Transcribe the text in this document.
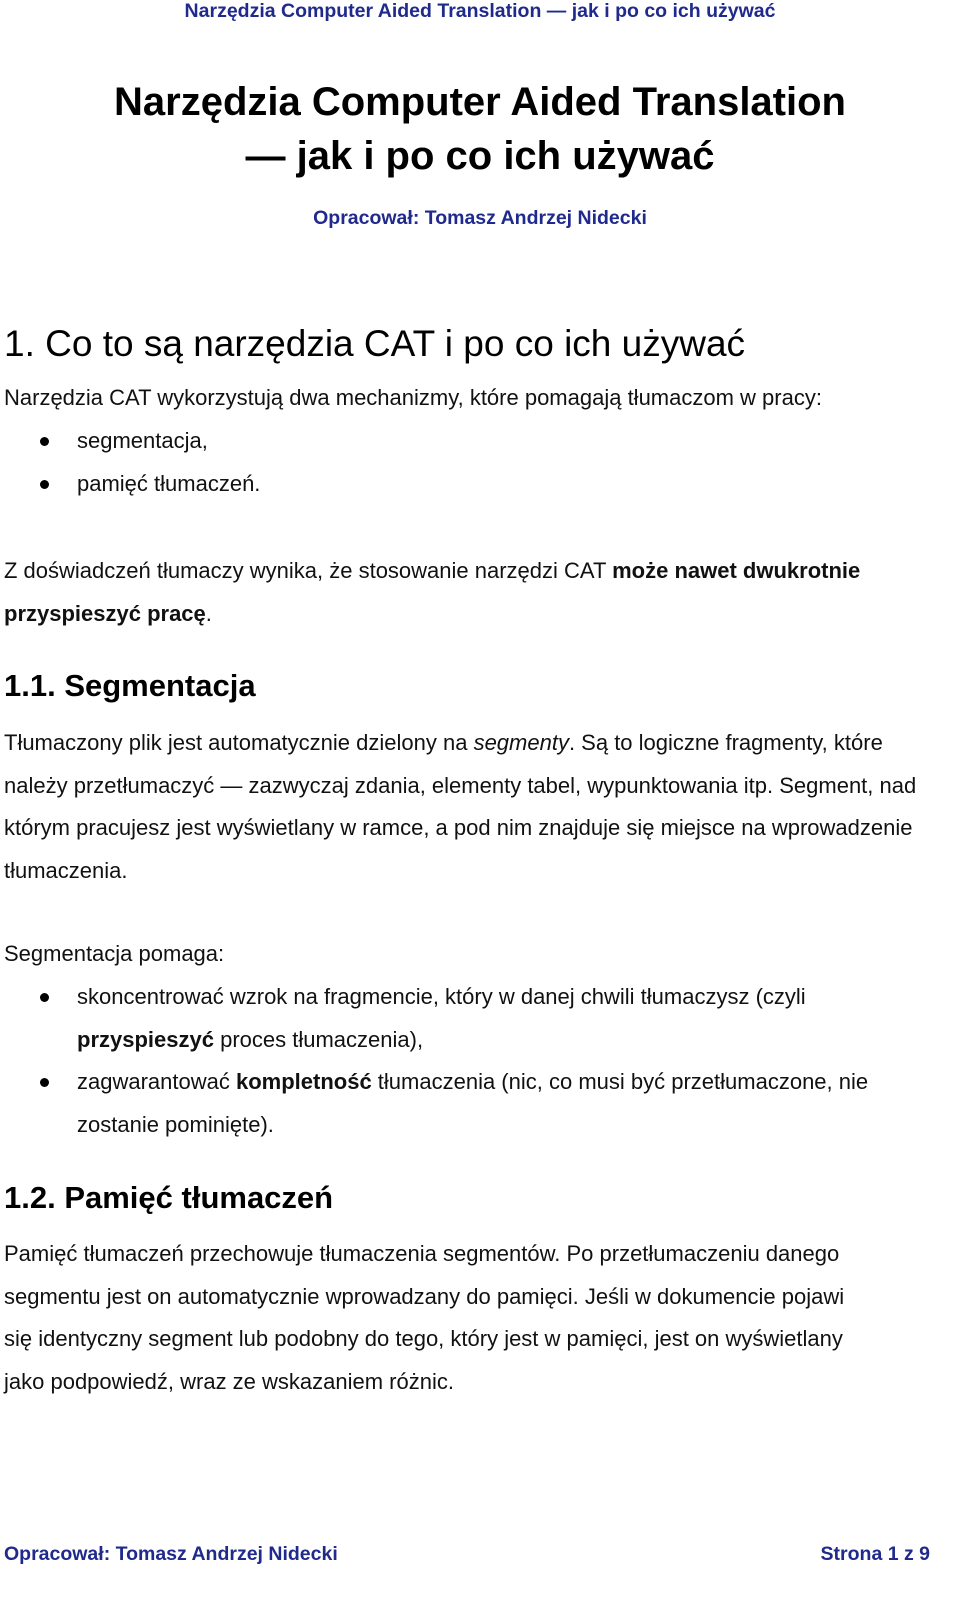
Narzędzia Computer Aided Translation — jak i po co ich używać
Narzędzia Computer Aided Translation
— jak i po co ich używać
Opracował: Tomasz Andrzej Nidecki
1. Co to są narzędzia CAT i po co ich używać
Narzędzia CAT wykorzystują dwa mechanizmy, które pomagają tłumaczom w pracy:
segmentacja,
pamięć tłumaczeń.
Z doświadczeń tłumaczy wynika, że stosowanie narzędzi CAT może nawet dwukrotnie przyspieszyć pracę.
1.1. Segmentacja
Tłumaczony plik jest automatycznie dzielony na segmenty. Są to logiczne fragmenty, które należy przetłumaczyć — zazwyczaj zdania, elementy tabel, wypunktowania itp. Segment, nad którym pracujesz jest wyświetlany w ramce, a pod nim znajduje się miejsce na wprowadzenie tłumaczenia.
Segmentacja pomaga:
skoncentrować wzrok na fragmencie, który w danej chwili tłumaczysz (czyli przyspieszyć proces tłumaczenia),
zagwarantować kompletność tłumaczenia (nic, co musi być przetłumaczone, nie zostanie pominięte).
1.2. Pamięć tłumaczeń
Pamięć tłumaczeń przechowuje tłumaczenia segmentów. Po przetłumaczeniu danego segmentu jest on automatycznie wprowadzany do pamięci. Jeśli w dokumencie pojawi się identyczny segment lub podobny do tego, który jest w pamięci, jest on wyświetlany jako podpowiedź, wraz ze wskazaniem różnic.
Opracował: Tomasz Andrzej Nidecki	Strona 1 z 9
